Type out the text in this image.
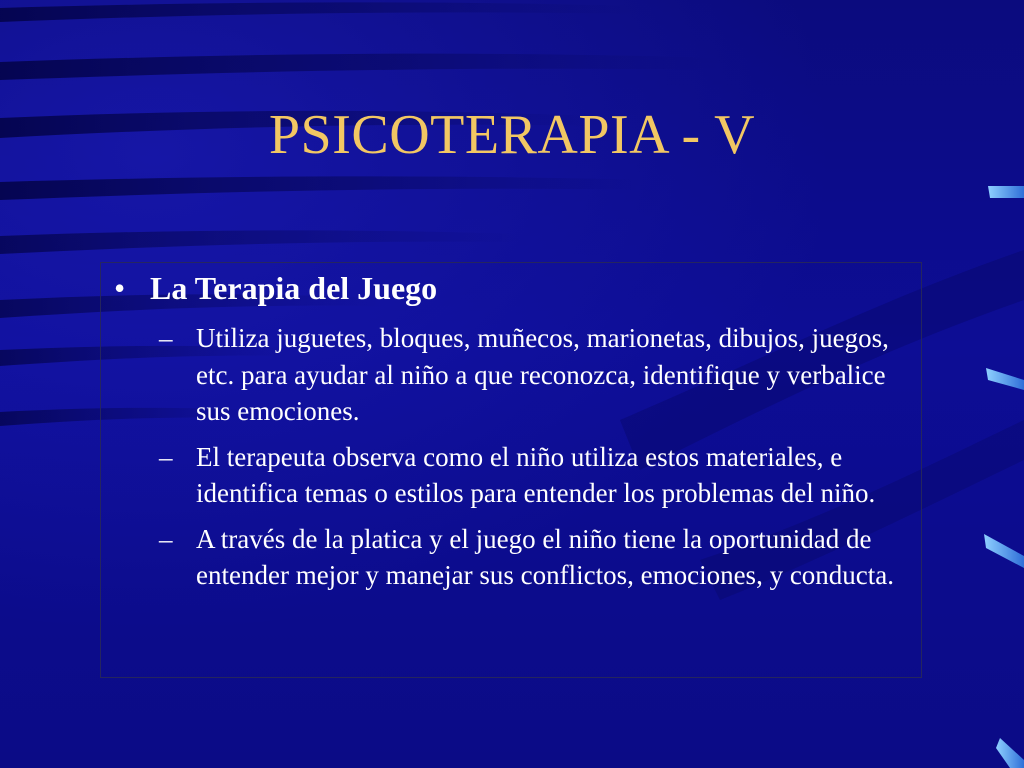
PSICOTERAPIA - V
• La Terapia del Juego
– Utiliza juguetes, bloques, muñecos, marionetas, dibujos, juegos, etc. para ayudar al niño a que reconozca, identifique y verbalice sus emociones.
– El terapeuta observa como el niño utiliza estos materiales, e identifica temas o estilos para entender los problemas del niño.
– A través de la platica y el juego el niño tiene la oportunidad de entender mejor y manejar sus conflictos, emociones, y conducta.
